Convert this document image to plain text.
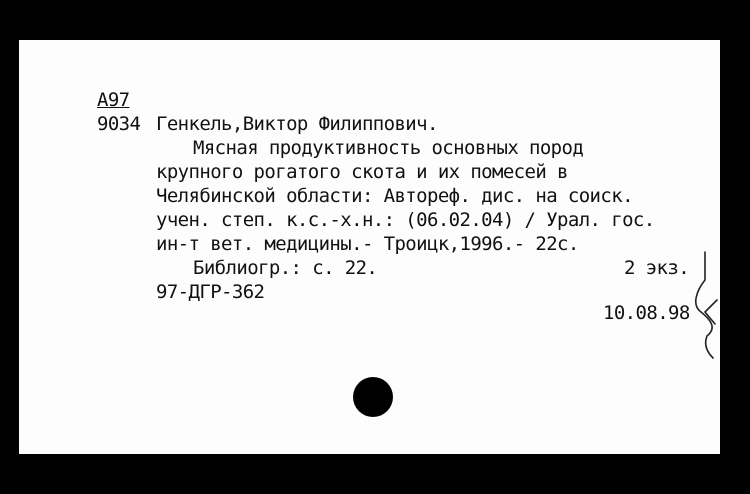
А97
9034 Генкель,Виктор Филиппович.
Мясная продуктивность основных пород
крупного рогатого скота и их помесей в
Челябинской области: Автореф. дис. на соиск.
учен. степ. к.с.-х.н.: (06.02.04) / Урал. гос.
ин-т вет. медицины.- Троицк,1996.- 22с.
Библиогр.: с. 22.	2 экз.
97-ДГР-362
10.08.98
